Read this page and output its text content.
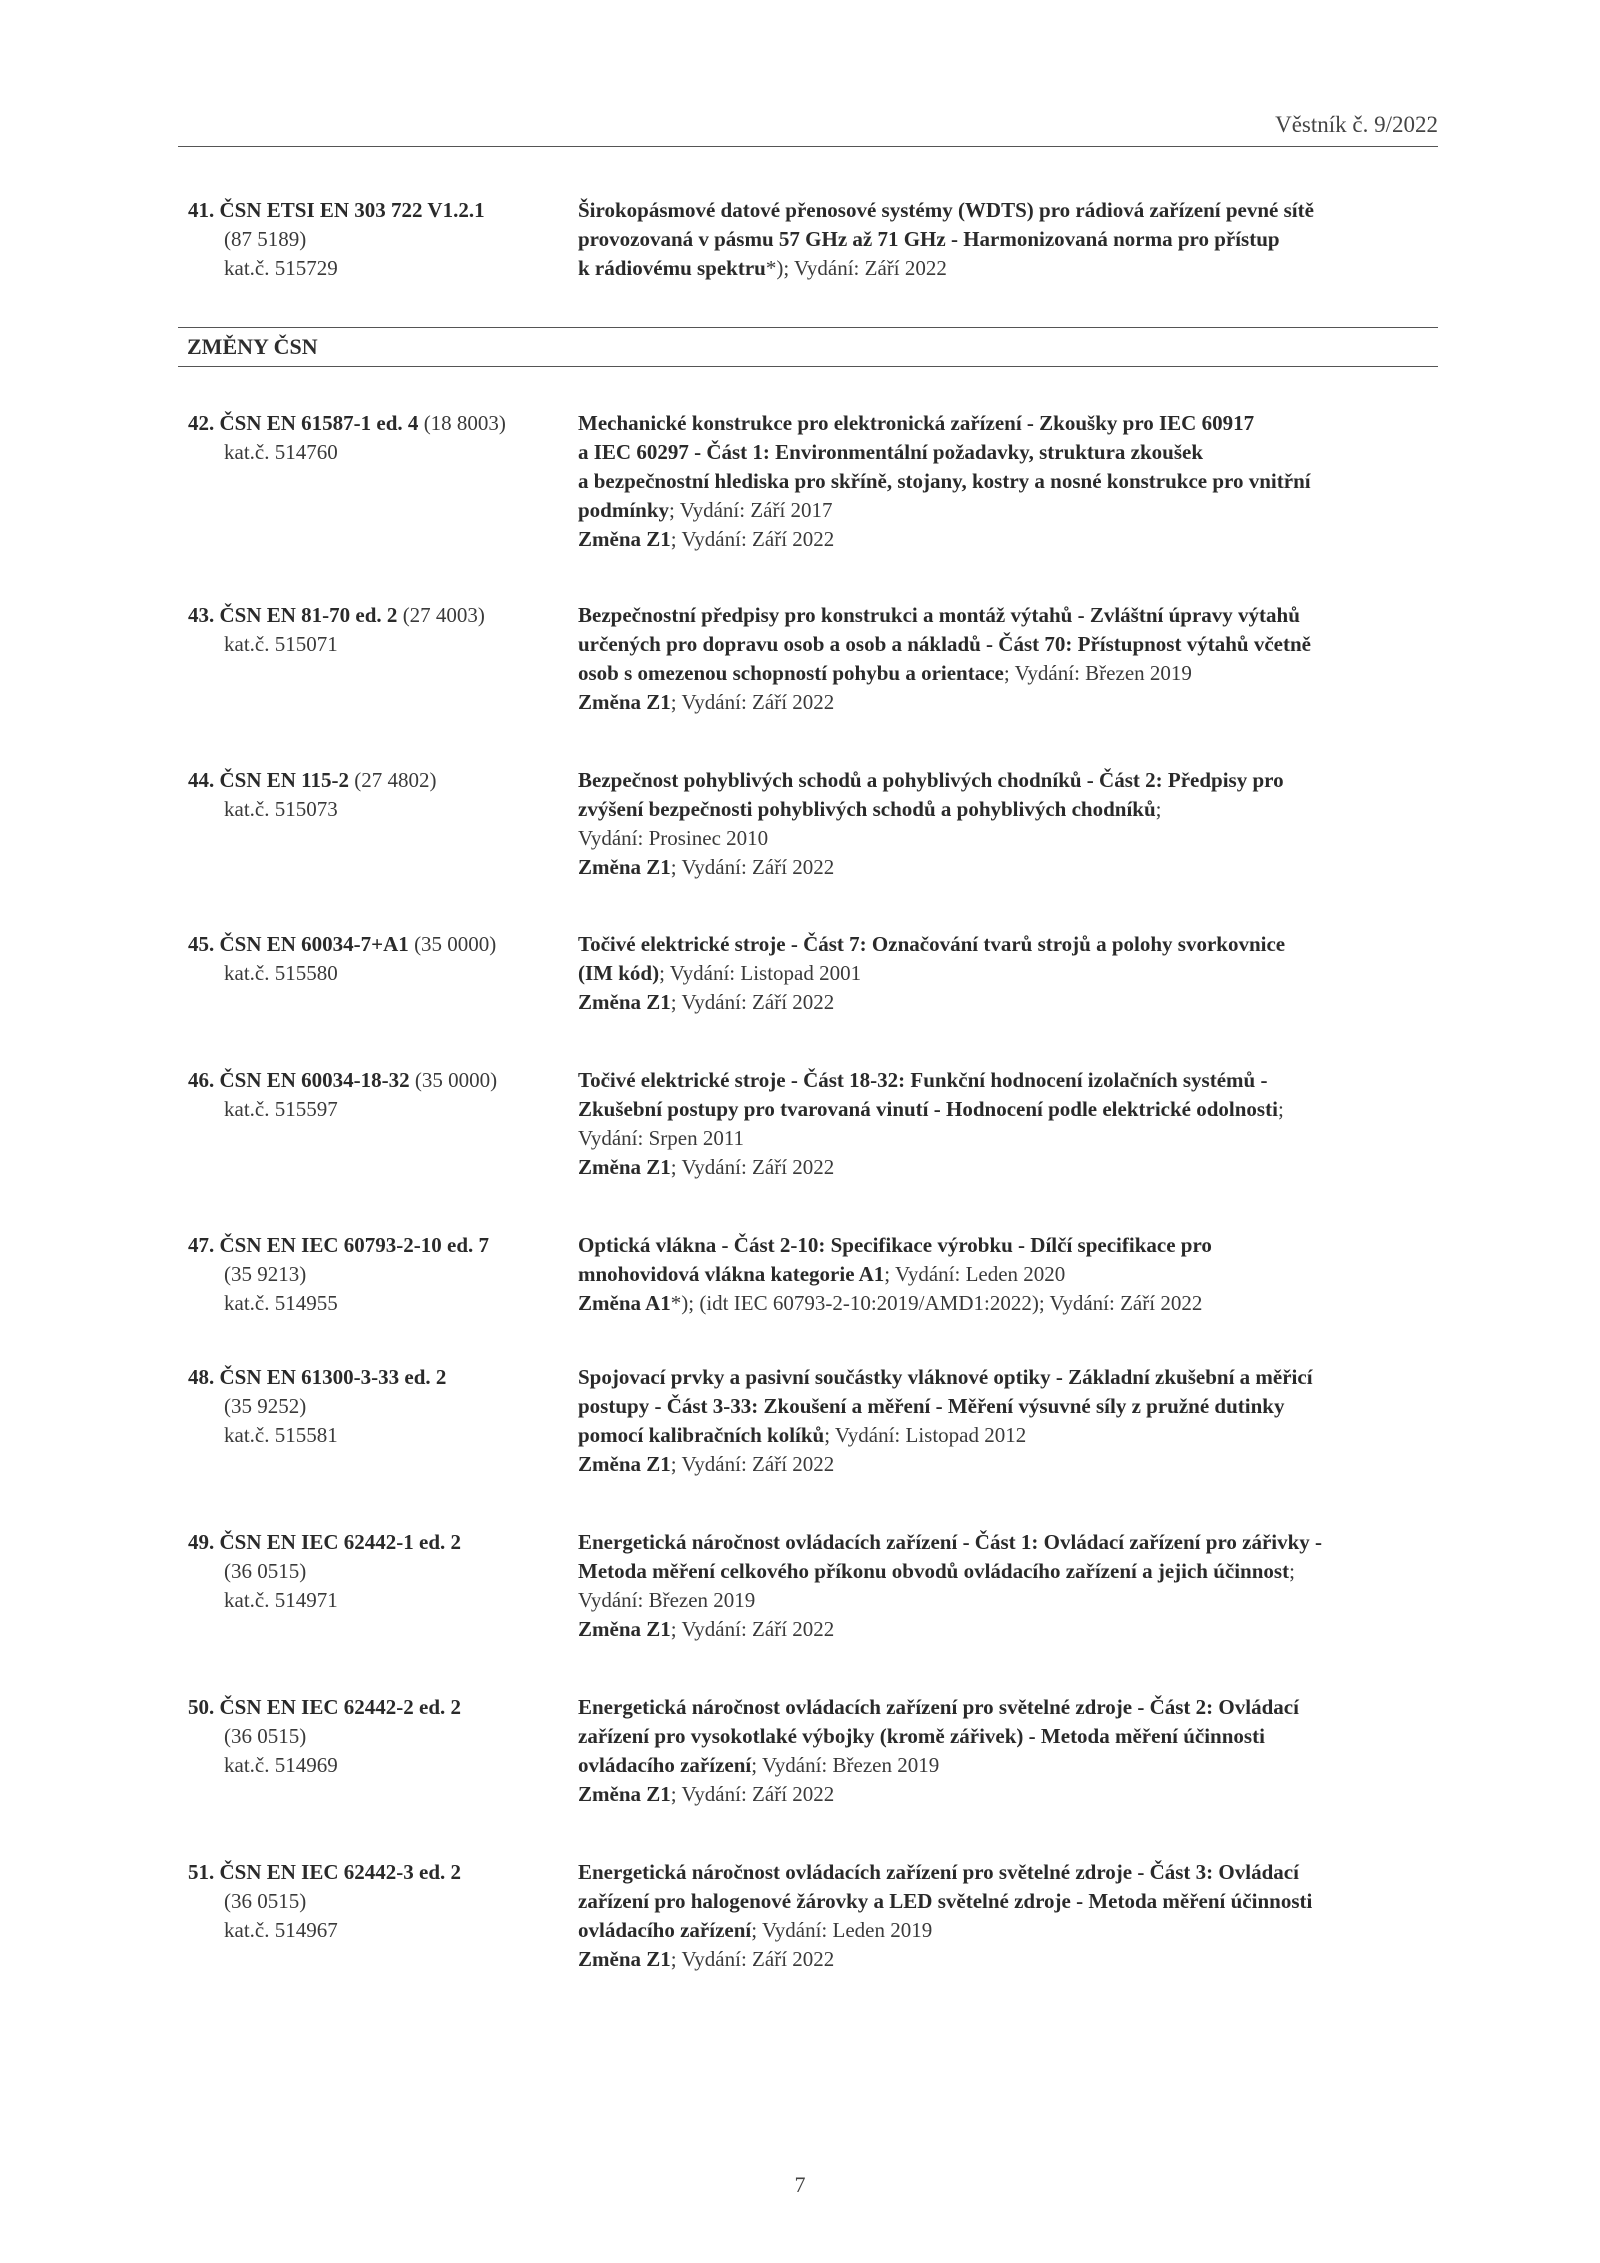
Věstník č. 9/2022
ZMĚNY ČSN
41. ČSN ETSI EN 303 722 V1.2.1
(87 5189)
kat.č. 515729
Širokopásmové datové přenosové systémy (WDTS) pro rádiová zařízení pevné sítě
provozovaná v pásmu 57 GHz až 71 GHz - Harmonizovaná norma pro přístup
k rádiovému spektru*); Vydání: Září 2022
42. ČSN EN 61587-1 ed. 4 (18 8003)
kat.č. 514760
Mechanické konstrukce pro elektronická zařízení - Zkoušky pro IEC 60917
a IEC 60297 - Část 1: Environmentální požadavky, struktura zkoušek
a bezpečnostní hlediska pro skříně, stojany, kostry a nosné konstrukce pro vnitřní
podmínky; Vydání: Září 2017
Změna Z1; Vydání: Září 2022
43. ČSN EN 81-70 ed. 2 (27 4003)
kat.č. 515071
Bezpečnostní předpisy pro konstrukci a montáž výtahů - Zvláštní úpravy výtahů
určených pro dopravu osob a osob a nákladů - Část 70: Přístupnost výtahů včetně
osob s omezenou schopností pohybu a orientace; Vydání: Březen 2019
Změna Z1; Vydání: Září 2022
44. ČSN EN 115-2 (27 4802)
kat.č. 515073
Bezpečnost pohyblivých schodů a pohyblivých chodníků - Část 2: Předpisy pro
zvýšení bezpečnosti pohyblivých schodů a pohyblivých chodníků;
Vydání: Prosinec 2010
Změna Z1; Vydání: Září 2022
45. ČSN EN 60034-7+A1 (35 0000)
kat.č. 515580
Točivé elektrické stroje - Část 7: Označování tvarů strojů a polohy svorkovnice
(IM kód); Vydání: Listopad 2001
Změna Z1; Vydání: Září 2022
46. ČSN EN 60034-18-32 (35 0000)
kat.č. 515597
Točivé elektrické stroje - Část 18-32: Funkční hodnocení izolačních systémů -
Zkušební postupy pro tvarovaná vinutí - Hodnocení podle elektrické odolnosti;
Vydání: Srpen 2011
Změna Z1; Vydání: Září 2022
47. ČSN EN IEC 60793-2-10 ed. 7
(35 9213)
kat.č. 514955
Optická vlákna - Část 2-10: Specifikace výrobku - Dílčí specifikace pro
mnohovidová vlákna kategorie A1; Vydání: Leden 2020
Změna A1*); (idt IEC 60793-2-10:2019/AMD1:2022); Vydání: Září 2022
48. ČSN EN 61300-3-33 ed. 2
(35 9252)
kat.č. 515581
Spojovací prvky a pasivní součástky vláknové optiky - Základní zkušební a měřicí
postupy - Část 3-33: Zkoušení a měření - Měření výsuvné síly z pružné dutinky
pomocí kalibračních kolíků; Vydání: Listopad 2012
Změna Z1; Vydání: Září 2022
49. ČSN EN IEC 62442-1 ed. 2
(36 0515)
kat.č. 514971
Energetická náročnost ovládacích zařízení - Část 1: Ovládací zařízení pro zářivky -
Metoda měření celkového příkonu obvodů ovládacího zařízení a jejich účinnost;
Vydání: Březen 2019
Změna Z1; Vydání: Září 2022
50. ČSN EN IEC 62442-2 ed. 2
(36 0515)
kat.č. 514969
Energetická náročnost ovládacích zařízení pro světelné zdroje - Část 2: Ovládací
zařízení pro vysokotlaké výbojky (kromě zářivek) - Metoda měření účinnosti
ovládacího zařízení; Vydání: Březen 2019
Změna Z1; Vydání: Září 2022
51. ČSN EN IEC 62442-3 ed. 2
(36 0515)
kat.č. 514967
Energetická náročnost ovládacích zařízení pro světelné zdroje - Část 3: Ovládací
zařízení pro halogenové žárovky a LED světelné zdroje - Metoda měření účinnosti
ovládacího zařízení; Vydání: Leden 2019
Změna Z1; Vydání: Září 2022
7
